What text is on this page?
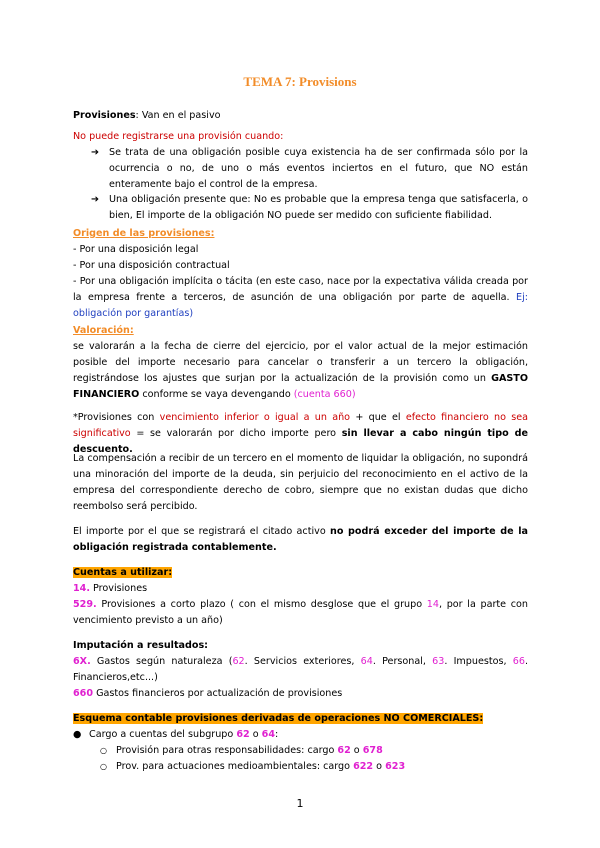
TEMA 7: Provisions
Provisiones: Van en el pasivo
No puede registrarse una provisión cuando:
➔ Se trata de una obligación posible cuya existencia ha de ser confirmada sólo por la ocurrencia o no, de uno o más eventos inciertos en el futuro, que NO están enteramente bajo el control de la empresa.
➔ Una obligación presente que: No es probable que la empresa tenga que satisfacerla, o bien, El importe de la obligación NO puede ser medido con suficiente fiabilidad.
Origen de las provisiones:
- Por una disposición legal
- Por una disposición contractual
- Por una obligación implícita o tácita (en este caso, nace por la expectativa válida creada por la empresa frente a terceros, de asunción de una obligación por parte de aquella. Ej: obligación por garantías)
Valoración:
se valorarán a la fecha de cierre del ejercicio, por el valor actual de la mejor estimación posible del importe necesario para cancelar o transferir a un tercero la obligación, registrándose los ajustes que surjan por la actualización de la provisión como un GASTO FINANCIERO conforme se vaya devengando (cuenta 660)
*Provisiones con vencimiento inferior o igual a un año + que el efecto financiero no sea significativo = se valorarán por dicho importe pero sin llevar a cabo ningún tipo de descuento.
La compensación a recibir de un tercero en el momento de liquidar la obligación, no supondrá una minoración del importe de la deuda, sin perjuicio del reconocimiento en el activo de la empresa del correspondiente derecho de cobro, siempre que no existan dudas que dicho reembolso será percibido.
El importe por el que se registrará el citado activo no podrá exceder del importe de la obligación registrada contablemente.
Cuentas a utilizar:
14. Provisiones
529. Provisiones a corto plazo ( con el mismo desglose que el grupo 14, por la parte con vencimiento previsto a un año)
Imputación a resultados:
6X. Gastos según naturaleza (62. Servicios exteriores, 64. Personal, 63. Impuestos, 66. Financieros,etc...)
660 Gastos financieros por actualización de provisiones
Esquema contable provisiones derivadas de operaciones NO COMERCIALES:
● Cargo a cuentas del subgrupo 62 o 64:
○ Provisión para otras responsabilidades: cargo 62 o 678
○ Prov. para actuaciones medioambientales: cargo 622 o 623
1
